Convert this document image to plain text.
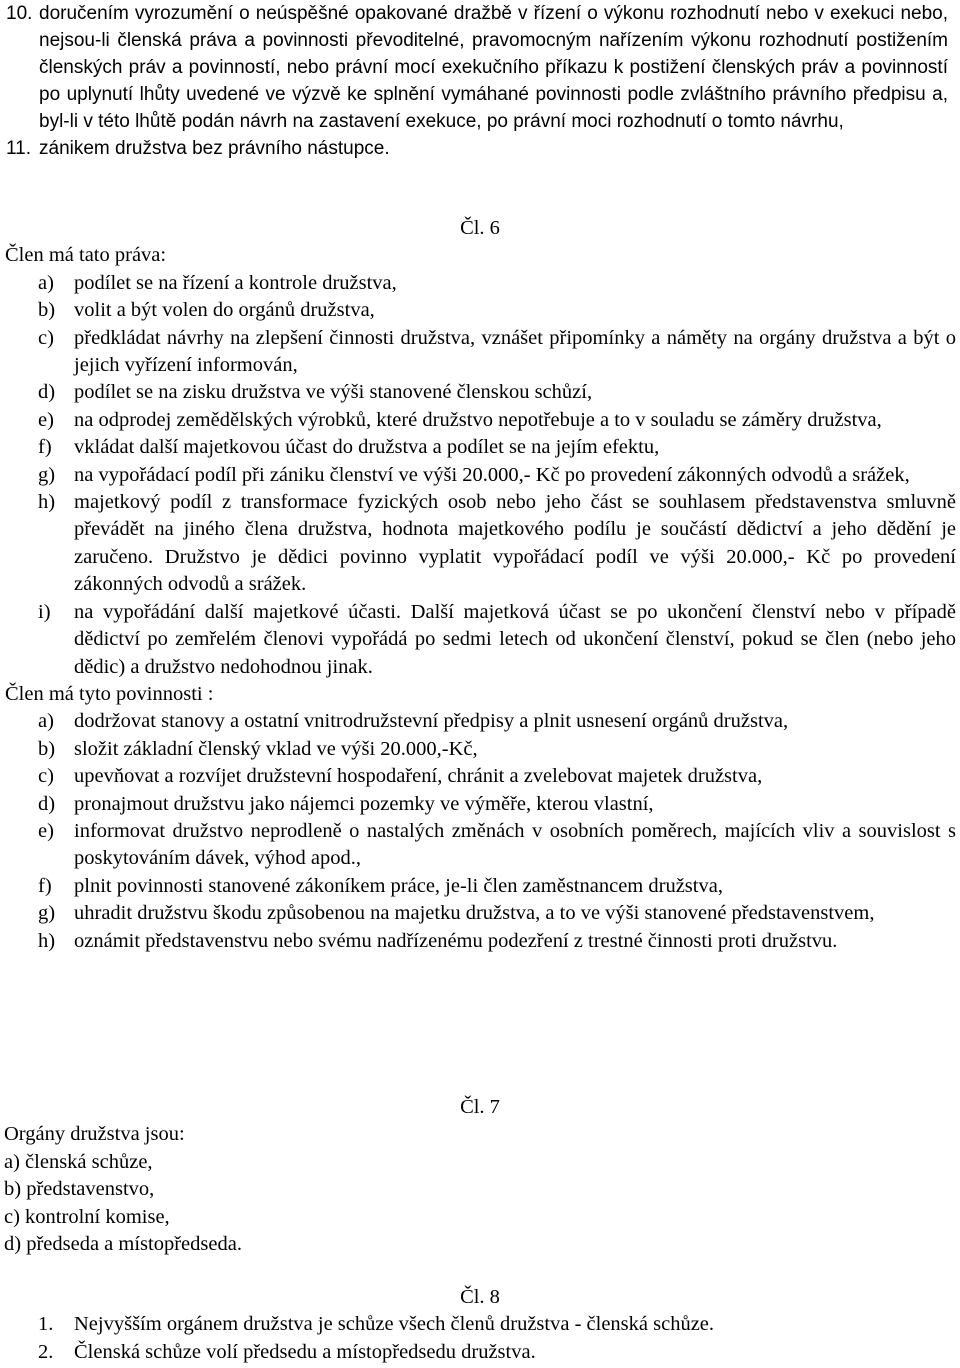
10. doručením vyrozumění o neúspěšné opakované dražbě v řízení o výkonu rozhodnutí nebo v exekuci nebo, nejsou-li členská práva a povinnosti převoditelné, pravomocným nařízením výkonu rozhodnutí postižením členských práv a povinností, nebo právní mocí exekučního příkazu k postižení členských práv a povinností po uplynutí lhůty uvedené ve výzvě ke splnění vymáhané povinnosti podle zvláštního právního předpisu a, byl-li v této lhůtě podán návrh na zastavení exekuce, po právní moci rozhodnutí o tomto návrhu,
11. zánikem družstva bez právního nástupce.
Čl. 6
Člen má tato práva:
a) podílet se na řízení a kontrole družstva,
b) volit a být volen do orgánů družstva,
c) předkládat návrhy na zlepšení činnosti družstva, vznášet připomínky a náměty na orgány družstva a být o jejich vyřízení informován,
d) podílet se na zisku družstva ve výši stanovené členskou schůzí,
e) na odprodej zemědělských výrobků, které družstvo nepotřebuje a to v souladu se záměry družstva,
f)	vkládat další majetkovou účast do družstva a podílet se na jejím efektu,
g) na vypořádací podíl při zániku členství ve výši 20.000,- Kč po provedení zákonných odvodů a srážek,
h) majetkový podíl z transformace fyzických osob nebo jeho část se souhlasem představenstva smluvně převádět na jiného člena družstva, hodnota majetkového podílu je součástí dědictví a jeho dědění je zaručeno. Družstvo je dědici povinno vyplatit vypořádací podíl ve výši 20.000,- Kč po provedení zákonných odvodů a srážek.
i)	na vypořádání další majetkové účasti. Další majetková účast se po ukončení členství nebo v případě dědictví po zemřelém členovi vypořádá po sedmi letech od ukončení členství, pokud se člen (nebo jeho dědic) a družstvo nedohodnou jinak.
Člen má tyto povinnosti :
a) dodržovat stanovy a ostatní vnitrodružstevní předpisy a plnit usnesení orgánů družstva,
b) složit základní členský vklad ve výši 20.000,-Kč,
c) upevňovat a rozvíjet družstevní hospodaření, chránit a zvelebovat majetek družstva,
d) pronajmout družstvu jako nájemci pozemky ve výměře, kterou vlastní,
e) informovat družstvo neprodleně o nastalých změnách v osobních poměrech, majících vliv a souvislost s poskytováním dávek, výhod apod.,
f)	plnit povinnosti stanovené zákoníkem práce, je-li člen zaměstnancem družstva,
g) uhradit družstvu škodu způsobenou na majetku družstva, a to ve výši stanovené představenstvem,
h) oznámit představenstvu nebo svému nadřízenému podezření z trestné činnosti proti družstvu.
Čl. 7
Orgány družstva jsou:
a) členská schůze,
b) představenstvo,
c) kontrolní komise,
d) předseda a místopředseda.
Čl. 8
1.	Nejvyšším orgánem družstva je schůze všech členů družstva - členská schůze.
2.	Členská schůze volí předsedu a místopředsedu družstva.
